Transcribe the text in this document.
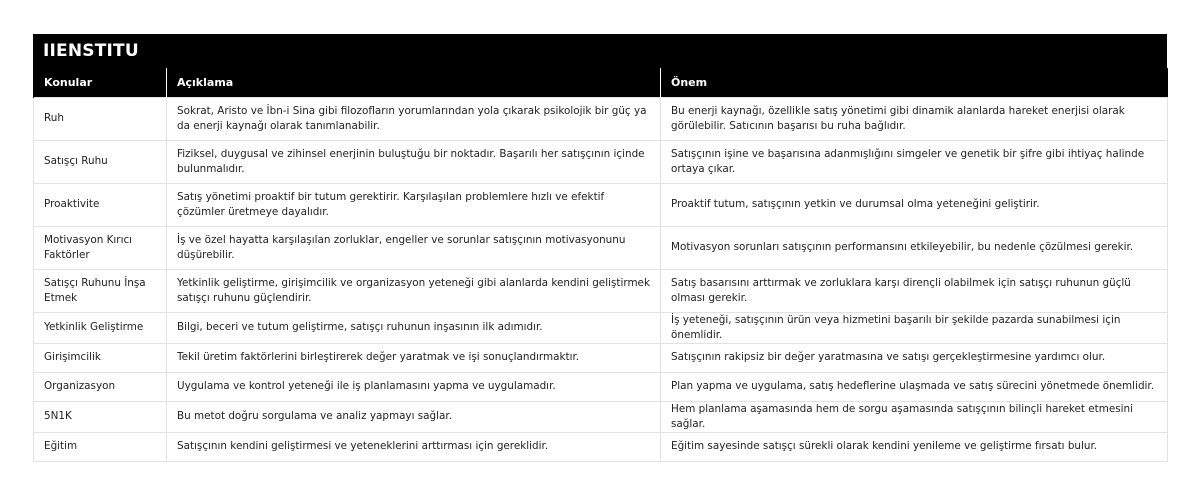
IIENSTITU
Konular	Açıklama	Önem
Ruh	Sokrat, Aristo ve İbn-i Sina gibi filozofların yorumlarından yola çıkarak psikolojik bir güç ya da enerji kaynağı olarak tanımlanabilir.	Bu enerji kaynağı, özellikle satış yönetimi gibi dinamik alanlarda hareket enerjisi olarak görülebilir. Satıcının başarısı bu ruha bağlıdır.
Satışçı Ruhu	Fiziksel, duygusal ve zihinsel enerjinin buluştuğu bir noktadır. Başarılı her satışçının içinde bulunmalıdır.	Satışçının işine ve başarısına adanmışlığını simgeler ve genetik bir şifre gibi ihtiyaç halinde ortaya çıkar.
Proaktivite	Satış yönetimi proaktif bir tutum gerektirir. Karşılaşılan problemlere hızlı ve efektif çözümler üretmeye dayalıdır.	Proaktif tutum, satışçının yetkin ve durumsal olma yeteneğini geliştirir.
Motivasyon Kırıcı Faktörler	İş ve özel hayatta karşılaşılan zorluklar, engeller ve sorunlar satışçının motivasyonunu düşürebilir.	Motivasyon sorunları satışçının performansını etkileyebilir, bu nedenle çözülmesi gerekir.
Satışçı Ruhunu İnşa Etmek	Yetkinlik geliştirme, girişimcilik ve organizasyon yeteneği gibi alanlarda kendini geliştirmek satışçı ruhunu güçlendirir.	Satış basarısını arttırmak ve zorluklara karşı dirençli olabilmek için satışçı ruhunun güçlü olması gerekir.
Yetkinlik Geliştirme	Bilgi, beceri ve tutum geliştirme, satışçı ruhunun inşasının ilk adımıdır.	İş yeteneği, satışçının ürün veya hizmetini başarılı bir şekilde pazarda sunabilmesi için önemlidir.
Girişimcilik	Tekil üretim faktörlerini birleştirerek değer yaratmak ve işi sonuçlandırmaktır.	Satışçının rakipsiz bir değer yaratmasına ve satışı gerçekleştirmesine yardımcı olur.
Organizasyon	Uygulama ve kontrol yeteneği ile iş planlamasını yapma ve uygulamadır.	Plan yapma ve uygulama, satış hedeflerine ulaşmada ve satış sürecini yönetmede önemlidir.
5N1K	Bu metot doğru sorgulama ve analiz yapmayı sağlar.	Hem planlama aşamasında hem de sorgu aşamasında satışçının bilinçli hareket etmesini sağlar.
Eğitim	Satışçının kendini geliştirmesi ve yeteneklerini arttırması için gereklidir.	Eğitim sayesinde satışçı sürekli olarak kendini yenileme ve geliştirme fırsatı bulur.
